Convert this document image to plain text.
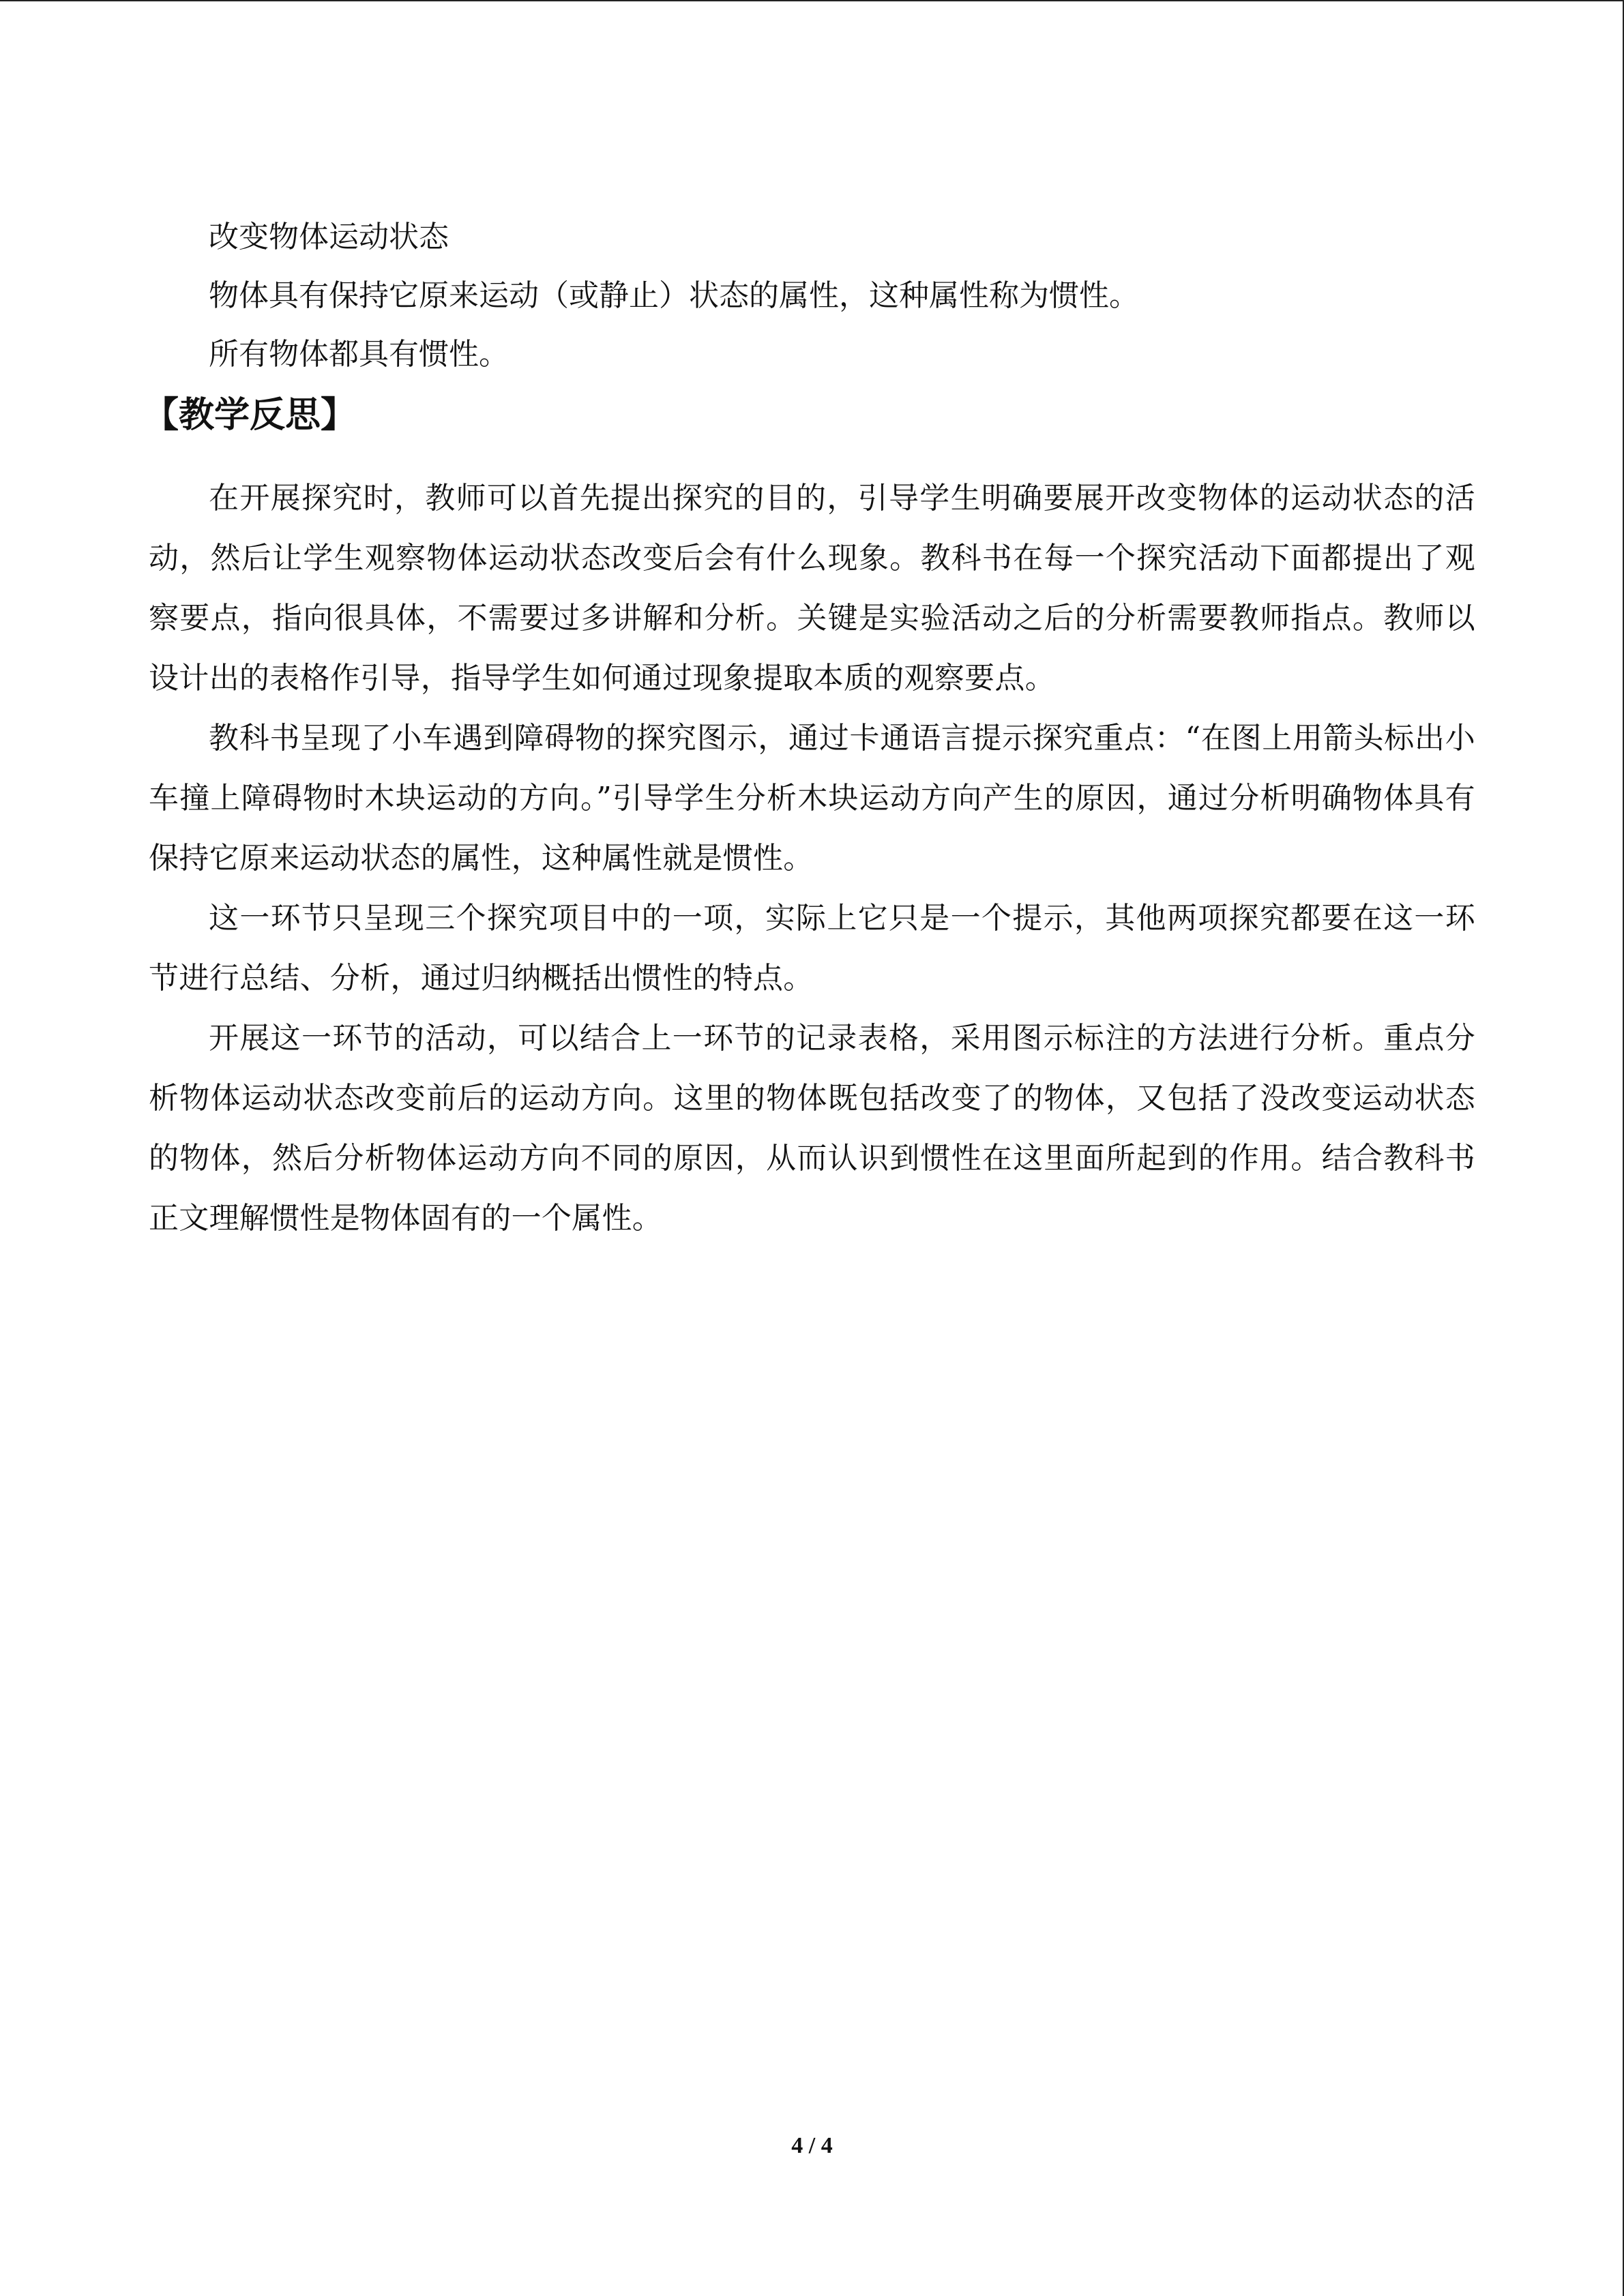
改变物体运动状态

物体具有保持它原来运动（或静止）状态的属性，这种属性称为惯性。

所有物体都具有惯性。

【教学反思】

在开展探究时，教师可以首先提出探究的目的，引导学生明确要展开改变物体的运动状态的活动，然后让学生观察物体运动状态改变后会有什么现象。教科书在每一个探究活动下面都提出了观察要点，指向很具体，不需要过多讲解和分析。关键是实验活动之后的分析需要教师指点。教师以设计出的表格作引导，指导学生如何通过现象提取本质的观察要点。

教科书呈现了小车遇到障碍物的探究图示，通过卡通语言提示探究重点：“在图上用箭头标出小车撞上障碍物时木块运动的方向。”引导学生分析木块运动方向产生的原因，通过分析明确物体具有保持它原来运动状态的属性，这种属性就是惯性。

这一环节只呈现三个探究项目中的一项，实际上它只是一个提示，其他两项探究都要在这一环节进行总结、分析，通过归纳概括出惯性的特点。

开展这一环节的活动，可以结合上一环节的记录表格，采用图示标注的方法进行分析。重点分析物体运动状态改变前后的运动方向。这里的物体既包括改变了的物体，又包括了没改变运动状态的物体，然后分析物体运动方向不同的原因，从而认识到惯性在这里面所起到的作用。结合教科书正文理解惯性是物体固有的一个属性。

4 / 4
